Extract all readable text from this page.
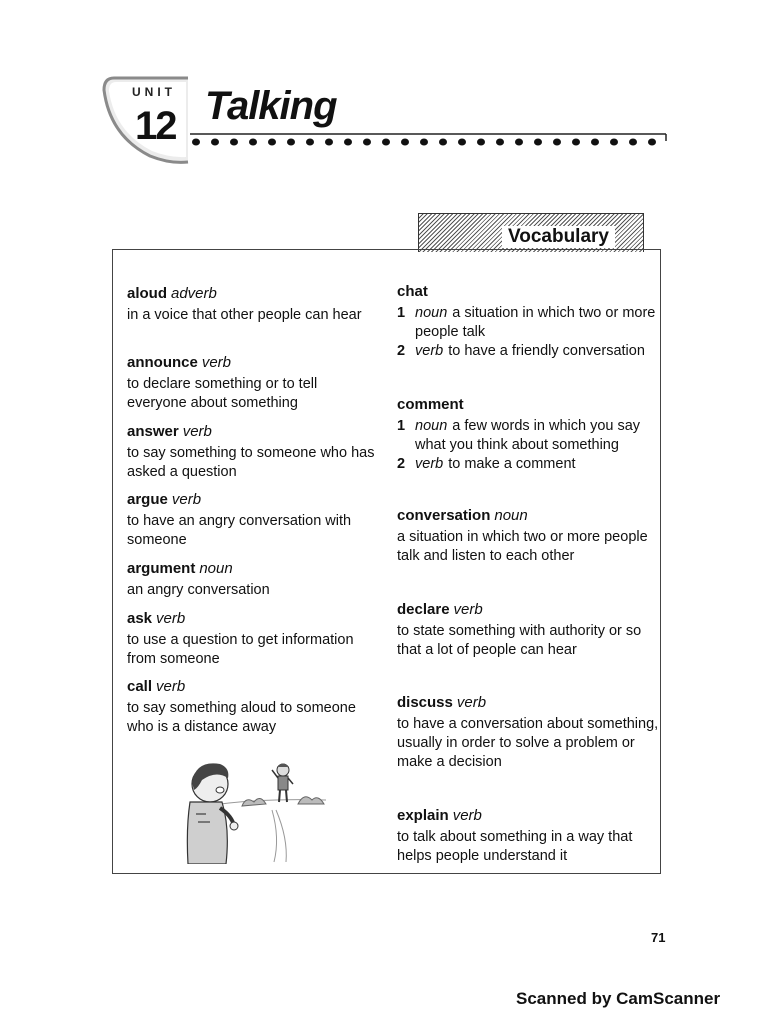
UNIT
12 Talking
Vocabulary

aloud adverb

in a voice that other people can hear

announce verb

to declare something or to tell everyone about something

answer verb

to say something to someone who has asked a question

argue verb

to have an angry conversation with someone

argument noun

an angry conversation

ask verb

to use a question to get information from someone

call verb

to say something aloud to someone who is a distance away

chat

1 noun a situation in which two or more people talk

2 verb to have a friendly conversation

comment

1 noun a few words in which you say what you think about something

2 verb to make a comment

conversation noun

a situation in which two or more people talk and listen to each other

declare verb

to state something with authority or so that a lot of people can hear

discuss verb

to have a conversation about something, usually in order to solve a problem or make a decision

explain verb

to talk about something in a way that helps people understand it

71
Scanned by CamScanner
